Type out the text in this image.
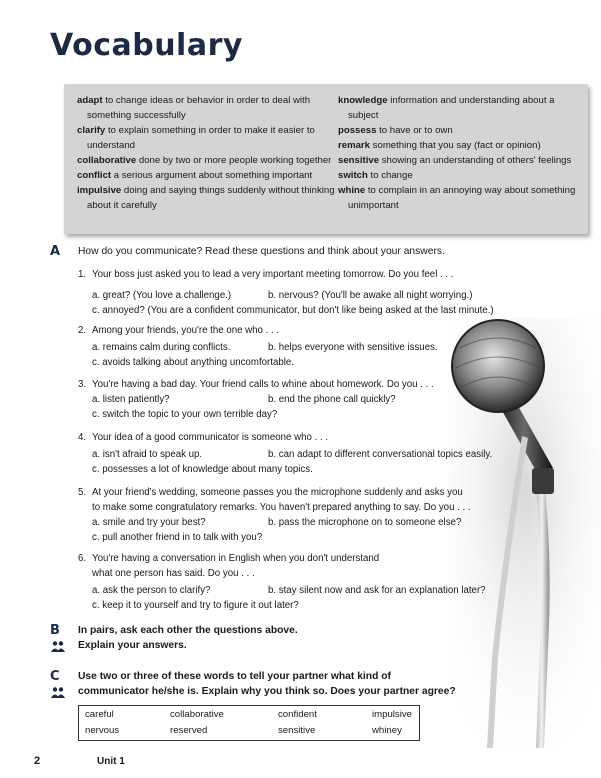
Vocabulary

adapt to change ideas or behavior in order to deal with something successfully

clarify to explain something in order to make it easier to understand

collaborative done by two or more people working together

conflict a serious argument about something important

impulsive doing and saying things suddenly without thinking about it carefully

knowledge information and understanding about a subject

possess to have or to own

remark something that you say (fact or opinion)

sensitive showing an understanding of others' feelings

switch to change

whine to complain in an annoying way about something unimportant

A How do you communicate? Read these questions and think about your answers.
1. Your boss just asked you to lead a very important meeting tomorrow. Do you feel . . .
a. great? (You love a challenge.)	b. nervous? (You'll be awake all night worrying.)
c. annoyed? (You are a confident communicator, but don't like being asked at the last minute.)
2. Among your friends, you're the one who . . .
a. remains calm during conflicts.	b. helps everyone with sensitive issues.
c. avoids talking about anything uncomfortable.
3. You're having a bad day. Your friend calls to whine about homework. Do you . . .
a. listen patiently?	b. end the phone call quickly?
c. switch the topic to your own terrible day?
4. Your idea of a good communicator is someone who . . .
a. isn't afraid to speak up.	b. can adapt to different conversational topics easily.
c. possesses a lot of knowledge about many topics.
5. At your friend's wedding, someone passes you the microphone suddenly and asks you
to make some congratulatory remarks. You haven't prepared anything to say. Do you . . .
a. smile and try your best?	b. pass the microphone on to someone else?
c. pull another friend in to talk with you?
6. You're having a conversation in English when you don't understand
what one person has said. Do you . . .
a. ask the person to clarify?	b. stay silent now and ask for an explanation later?
c. keep it to yourself and try to figure it out later?
B In pairs, ask each other the questions above.
Explain your answers.
C Use two or three of these words to tell your partner what kind of
communicator he/she is. Explain why you think so. Does your partner agree?
careful	collaborative	confident	impulsive
nervous	reserved	sensitive	whiney
2	Unit 1
